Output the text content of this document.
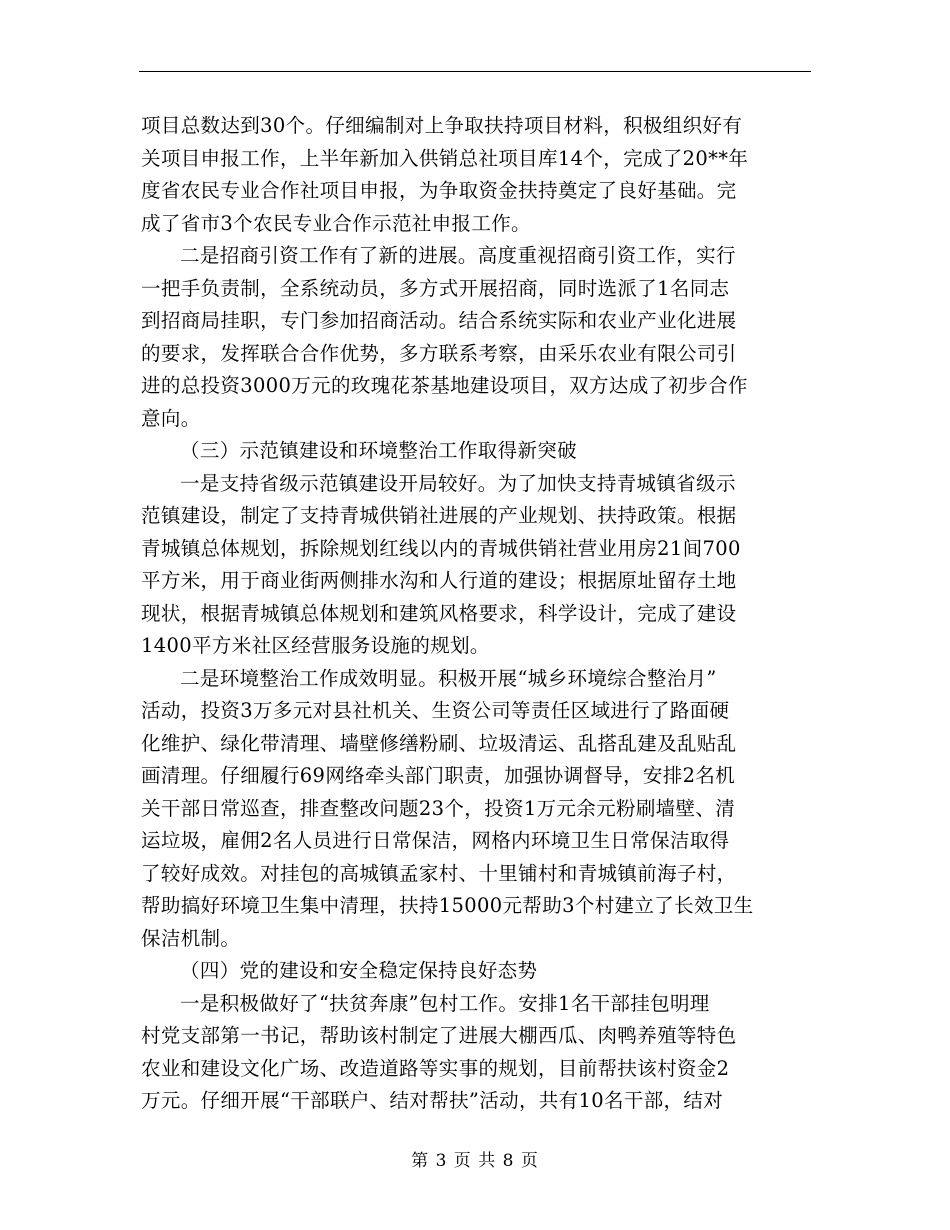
项目总数达到30个。仔细编制对上争取扶持项目材料，积极组织好有
关项目申报工作，上半年新加入供销总社项目库14个，完成了20**年
度省农民专业合作社项目申报，为争取资金扶持奠定了良好基础。完
成了省市3个农民专业合作示范社申报工作。
二是招商引资工作有了新的进展。高度重视招商引资工作，实行
一把手负责制，全系统动员，多方式开展招商，同时选派了1名同志
到招商局挂职，专门参加招商活动。结合系统实际和农业产业化进展
的要求，发挥联合合作优势，多方联系考察，由采乐农业有限公司引
进的总投资3000万元的玫瑰花茶基地建设项目，双方达成了初步合作
意向。
（三）示范镇建设和环境整治工作取得新突破
一是支持省级示范镇建设开局较好。为了加快支持青城镇省级示
范镇建设，制定了支持青城供销社进展的产业规划、扶持政策。根据
青城镇总体规划，拆除规划红线以内的青城供销社营业用房21间700
平方米，用于商业街两侧排水沟和人行道的建设；根据原址留存土地
现状，根据青城镇总体规划和建筑风格要求，科学设计，完成了建设
1400平方米社区经营服务设施的规划。
二是环境整治工作成效明显。积极开展“城乡环境综合整治月”
活动，投资3万多元对县社机关、生资公司等责任区域进行了路面硬
化维护、绿化带清理、墙壁修缮粉刷、垃圾清运、乱搭乱建及乱贴乱
画清理。仔细履行69网络牵头部门职责，加强协调督导，安排2名机
关干部日常巡查，排查整改问题23个，投资1万元余元粉刷墙壁、清
运垃圾，雇佣2名人员进行日常保洁，网格内环境卫生日常保洁取得
了较好成效。对挂包的高城镇孟家村、十里铺村和青城镇前海子村，
帮助搞好环境卫生集中清理，扶持15000元帮助3个村建立了长效卫生
保洁机制。
（四）党的建设和安全稳定保持良好态势
一是积极做好了“扶贫奔康”包村工作。安排1名干部挂包明理
村党支部第一书记，帮助该村制定了进展大棚西瓜、肉鸭养殖等特色
农业和建设文化广场、改造道路等实事的规划，目前帮扶该村资金2
万元。仔细开展“干部联户、结对帮扶”活动，共有10名干部，结对
第 3 页 共 8 页
